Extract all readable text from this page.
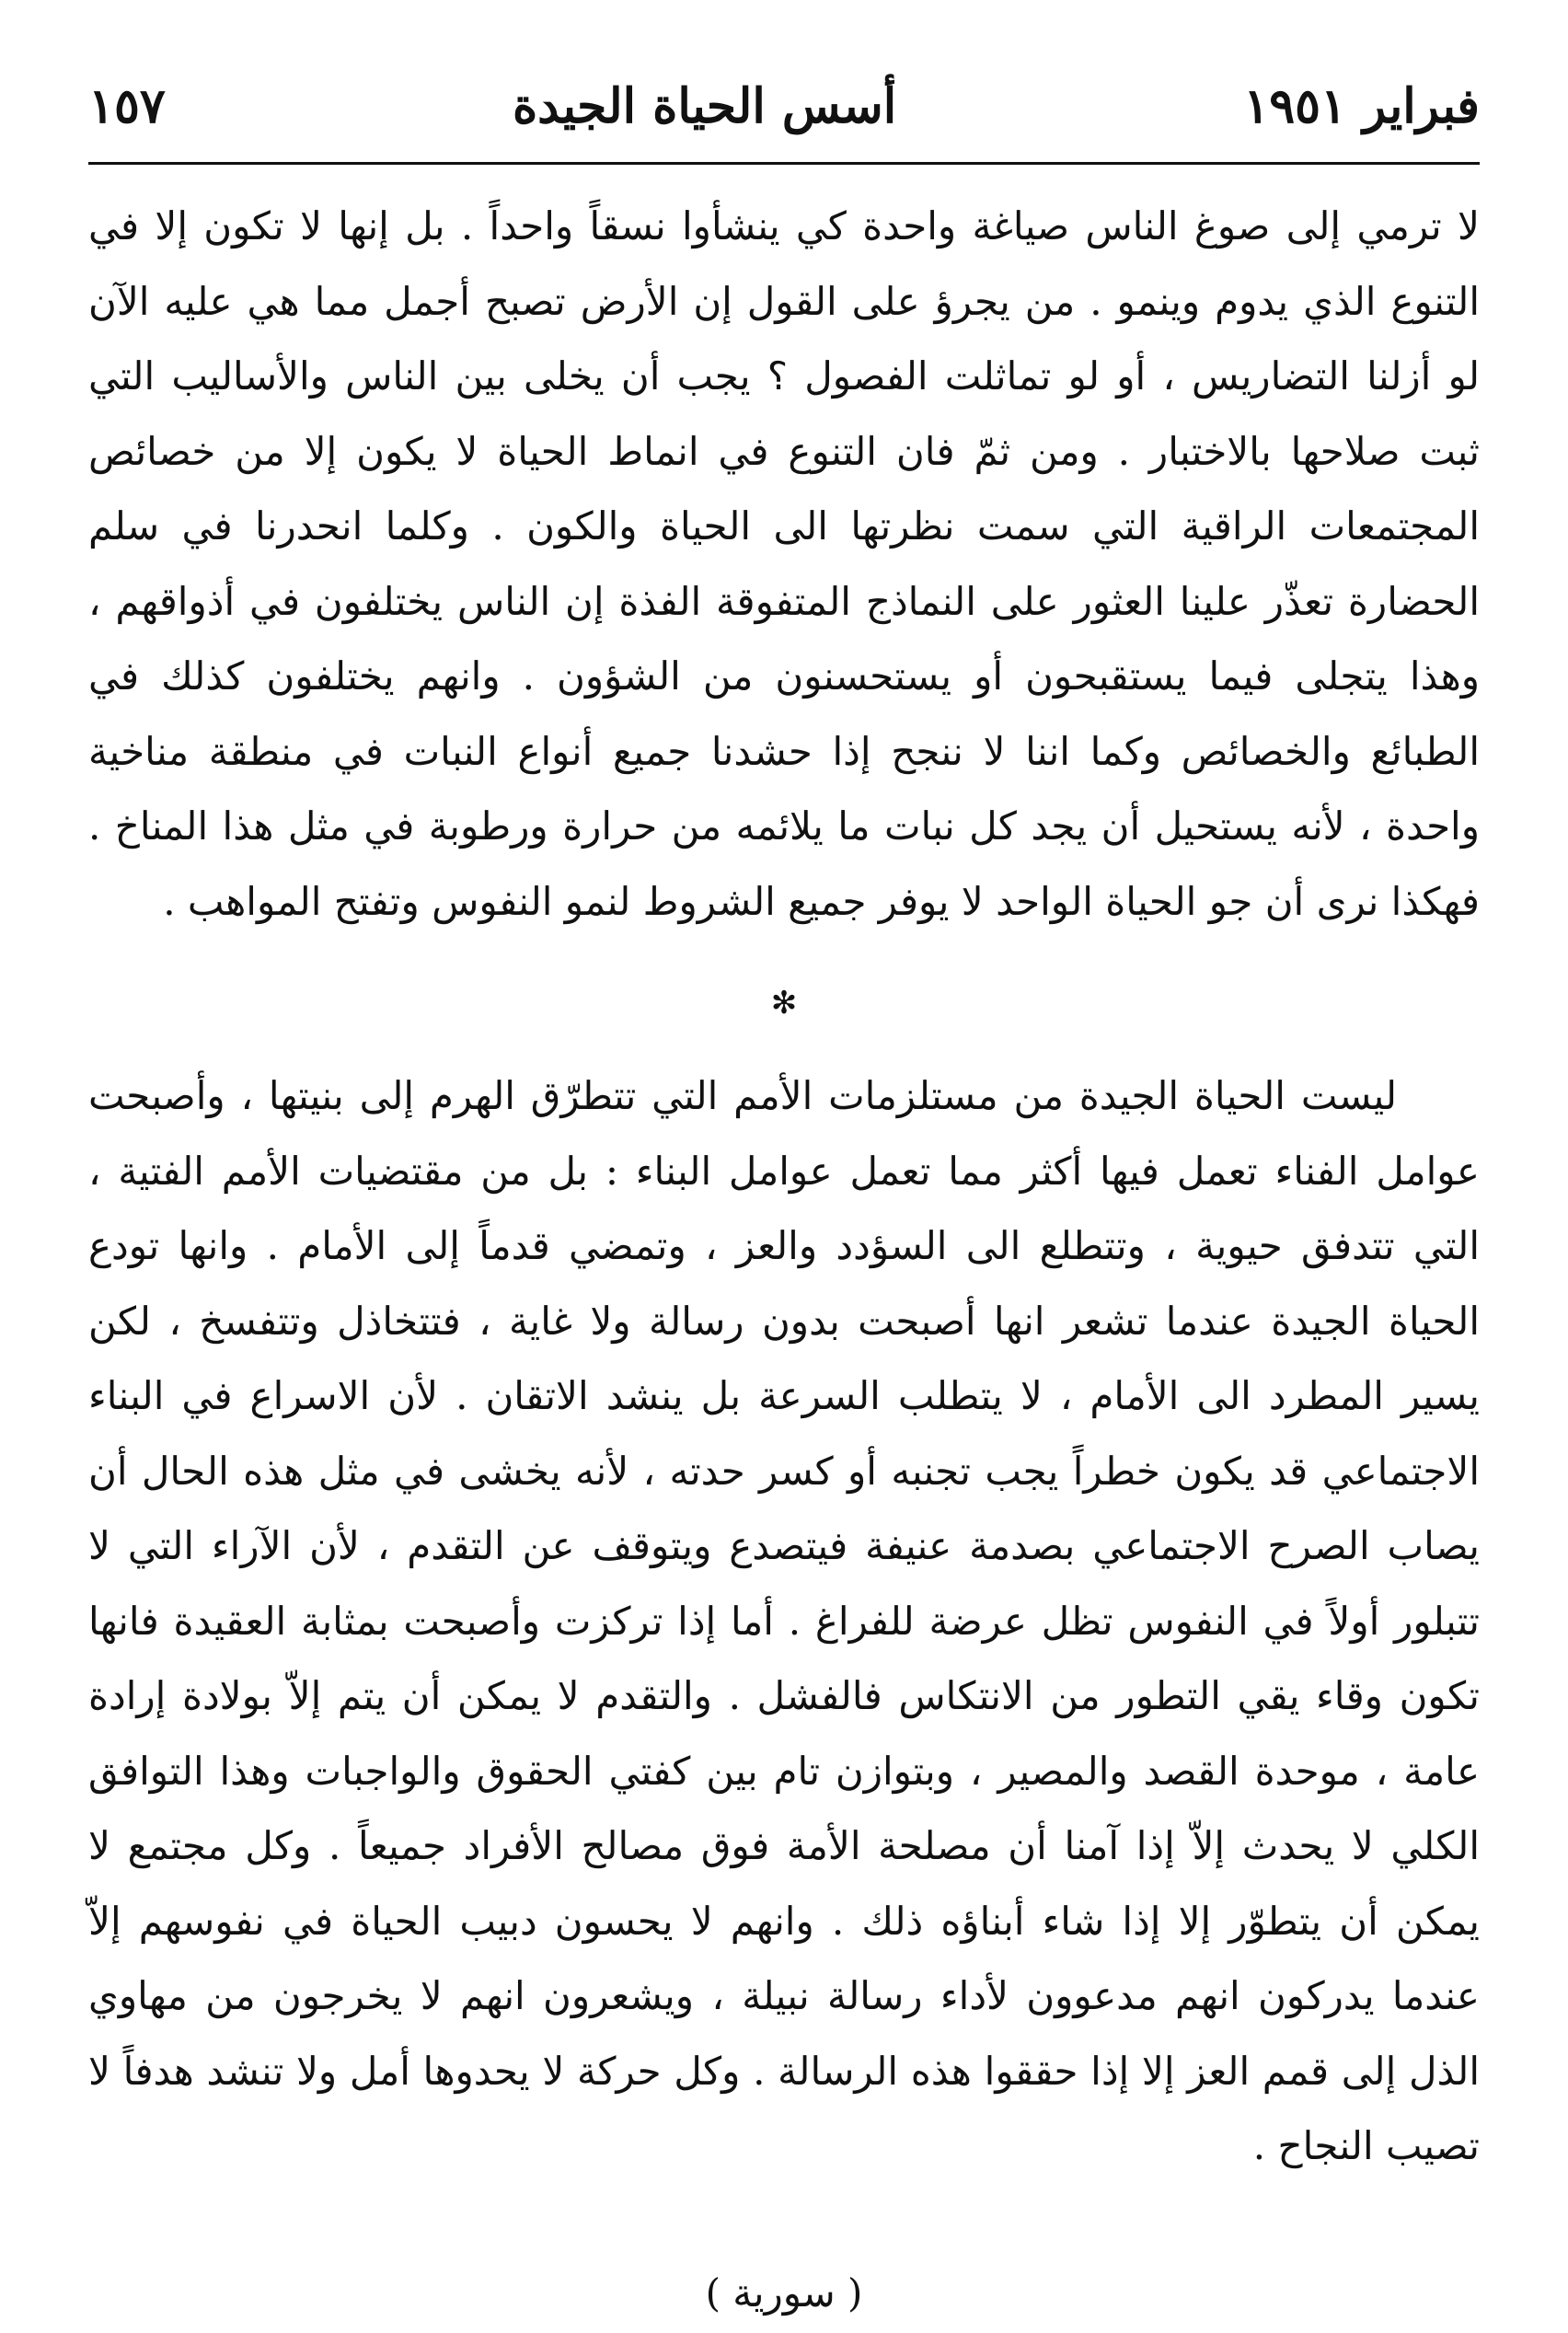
فبراير ١٩٥١
أسس الحياة الجيدة
١٥٧

لا ترمي إلى صوغ الناس صياغة واحدة كي ينشأوا نسقاً واحداً . بل إنها لا تكون إلا في التنوع الذي يدوم وينمو . من يجرؤ على القول إن الأرض تصبح أجمل مما هي عليه الآن لو أزلنا التضاريس ، أو لو تماثلت الفصول ؟ يجب أن يخلى بين الناس والأساليب التي ثبت صلاحها بالاختبار . ومن ثمّ فان التنوع في انماط الحياة لا يكون إلا من خصائص المجتمعات الراقية التي سمت نظرتها الى الحياة والكون . وكلما انحدرنا في سلم الحضارة تعذّر علينا العثور على النماذج المتفوقة الفذة إن الناس يختلفون في أذواقهم ، وهذا يتجلى فيما يستقبحون أو يستحسنون من الشؤون . وانهم يختلفون كذلك في الطبائع والخصائص وكما اننا لا ننجح إذا حشدنا جميع أنواع النبات في منطقة مناخية واحدة ، لأنه يستحيل أن يجد كل نبات ما يلائمه من حرارة ورطوبة في مثل هذا المناخ . فهكذا نرى أن جو الحياة الواحد لا يوفر جميع الشروط لنمو النفوس وتفتح المواهب .

✻

ليست الحياة الجيدة من مستلزمات الأمم التي تتطرّق الهرم إلى بنيتها ، وأصبحت عوامل الفناء تعمل فيها أكثر مما تعمل عوامل البناء : بل من مقتضيات الأمم الفتية ، التي تتدفق حيوية ، وتتطلع الى السؤدد والعز ، وتمضي قدماً إلى الأمام . وانها تودع الحياة الجيدة عندما تشعر انها أصبحت بدون رسالة ولا غاية ، فتتخاذل وتتفسخ ، لكن يسير المطرد الى الأمام ، لا يتطلب السرعة بل ينشد الاتقان . لأن الاسراع في البناء الاجتماعي قد يكون خطراً يجب تجنبه أو كسر حدته ، لأنه يخشى في مثل هذه الحال أن يصاب الصرح الاجتماعي بصدمة عنيفة فيتصدع ويتوقف عن التقدم ، لأن الآراء التي لا تتبلور أولاً في النفوس تظل عرضة للفراغ . أما إذا تركزت وأصبحت بمثابة العقيدة فانها تكون وقاء يقي التطور من الانتكاس فالفشل . والتقدم لا يمكن أن يتم إلاّ بولادة إرادة عامة ، موحدة القصد والمصير ، وبتوازن تام بين كفتي الحقوق والواجبات وهذا التوافق الكلي لا يحدث إلاّ إذا آمنا أن مصلحة الأمة فوق مصالح الأفراد جميعاً . وكل مجتمع لا يمكن أن يتطوّر إلا إذا شاء أبناؤه ذلك . وانهم لا يحسون دبيب الحياة في نفوسهم إلاّ عندما يدركون انهم مدعوون لأداء رسالة نبيلة ، ويشعرون انهم لا يخرجون من مهاوي الذل إلى قمم العز إلا إذا حققوا هذه الرسالة . وكل حركة لا يحدوها أمل ولا تنشد هدفاً لا تصيب النجاح .

( سورية )
